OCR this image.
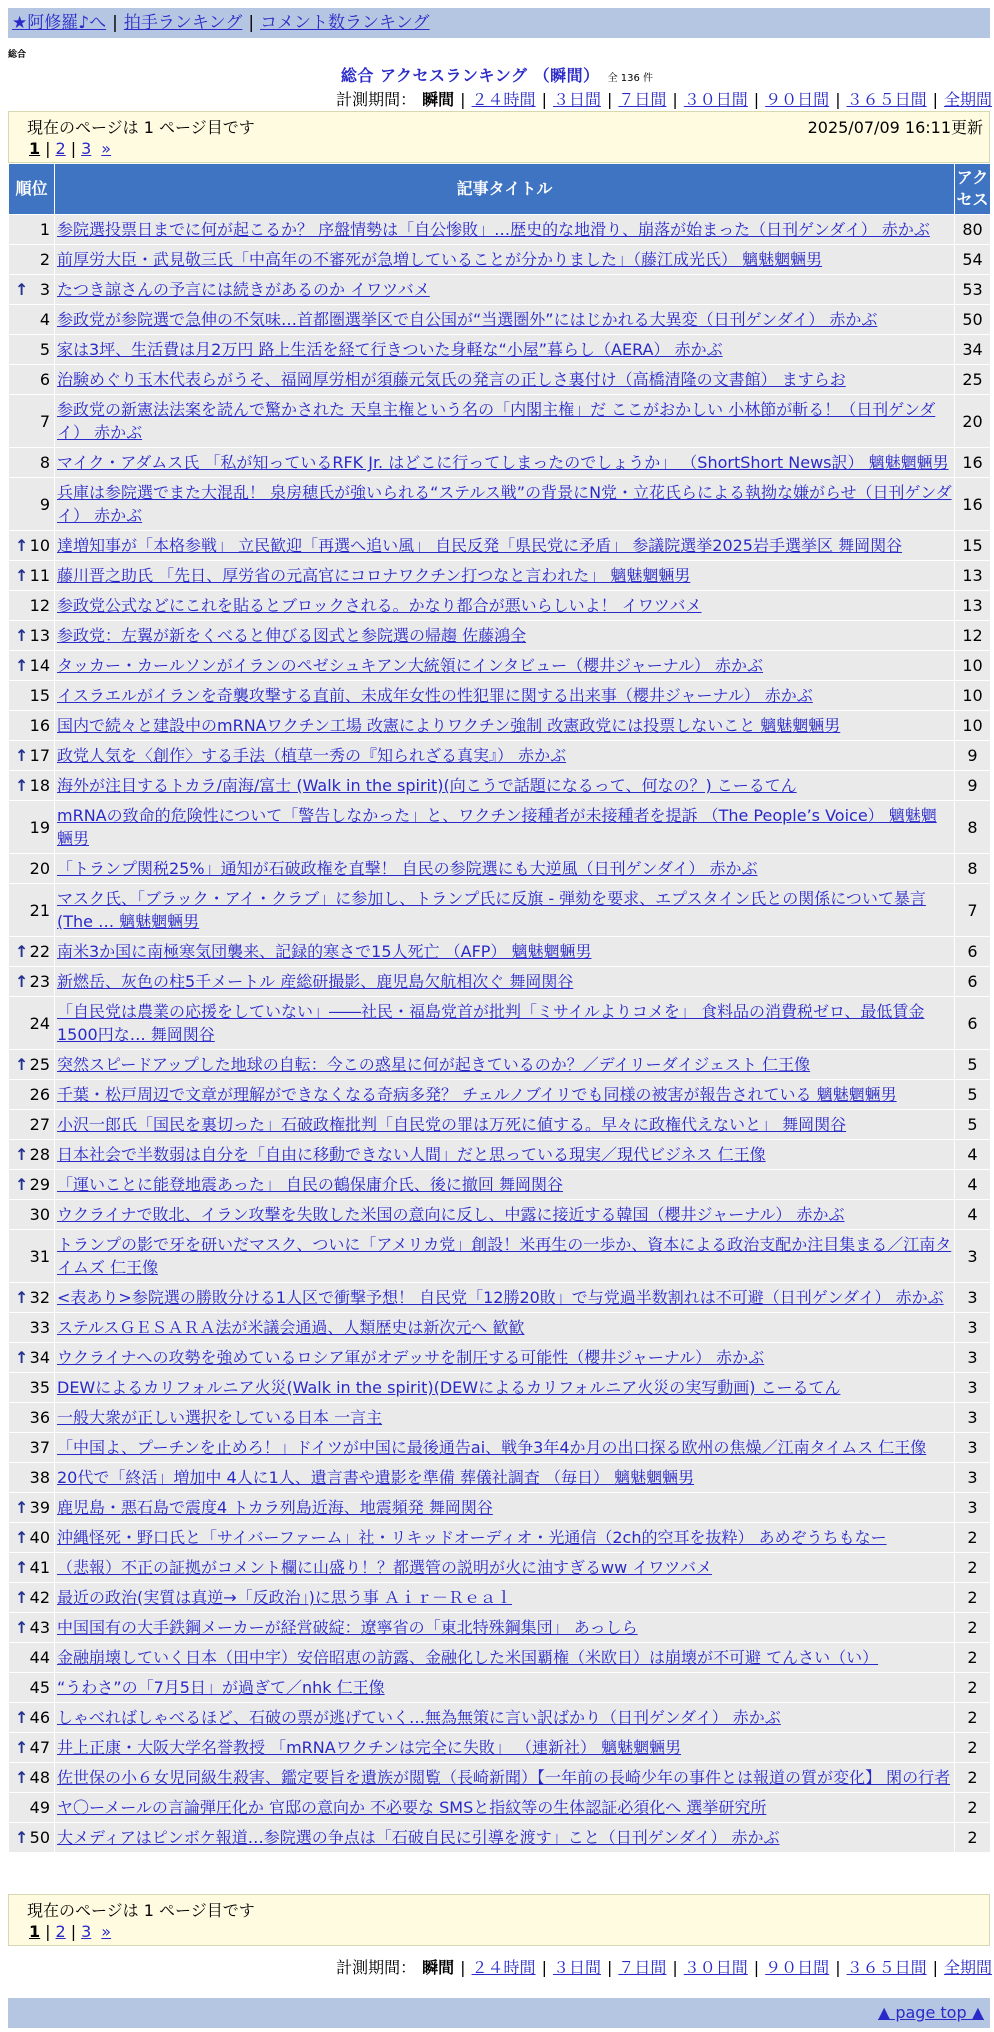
★阿修羅♪へ | 拍手ランキング | コメント数ランキング
総合
総合 アクセスランキング （瞬間） 全 136 件
計測期間： 瞬間 | ２４時間 | ３日間 | ７日間 | ３０日間 | ９０日間 | ３６５日間 | 全期間
現在のページは 1 ページ目です	2025/07/09 16:11更新
1 | 2 | 3 »
順位	記事タイトル	アクセス
1	参院選投票日までに何が起こるか？ 序盤情勢は「自公惨敗」…歴史的な地滑り、崩落が始まった（日刊ゲンダイ） 赤かぶ	80
2	前厚労大臣・武見敬三氏「中高年の不審死が急増していることが分かりました」（藤江成光氏） 魑魅魍魎男	54

↑ 3	たつき諒さんの予言には続きがあるのか イワツバメ	53
4	参政党が参院選で急伸の不気味…首都圏選挙区で自公国が“当選圏外”にはじかれる大異変（日刊ゲンダイ） 赤かぶ	50
5	家は3坪、生活費は月2万円 路上生活を経て行きついた身軽な“小屋”暮らし（AERA） 赤かぶ	34
6	治験めぐり玉木代表らがうそ、福岡厚労相が須藤元気氏の発言の正しさ裏付け（高橋清隆の文書館） ますらお	25
7	参政党の新憲法法案を読んで驚かされた 天皇主権という名の「内閣主権」だ ここがおかしい 小林節が斬る！（日刊ゲンダイ） 赤かぶ	20
8	マイク・アダムス氏 「私が知っているRFK Jr. はどこに行ってしまったのでしょうか」 （ShortShort News訳） 魑魅魍魎男	16
9	兵庫は参院選でまた大混乱！ 泉房穂氏が強いられる“ステルス戦”の背景にN党・立花氏らによる執拗な嫌がらせ（日刊ゲンダイ） 赤かぶ	16

↑ 10	達増知事が「本格参戦」 立民歓迎「再選へ追い風」 自民反発「県民党に矛盾」 参議院選挙2025岩手選挙区 舞岡関谷	15

↑ 11	藤川晋之助氏 「先日、厚労省の元高官にコロナワクチン打つなと言われた」 魑魅魍魎男	13
12	参政党公式などにこれを貼るとブロックされる。かなり都合が悪いらしいよ！ イワツバメ	13

↑ 13	参政党：左翼が新をくべると伸びる図式と参院選の帰趨 佐藤鴻全	12

↑ 14	タッカー・カールソンがイランのペゼシュキアン大統領にインタビュー（櫻井ジャーナル） 赤かぶ	10
15	イスラエルがイランを奇襲攻撃する直前、未成年女性の性犯罪に関する出来事（櫻井ジャーナル） 赤かぶ	10
16	国内で続々と建設中のmRNAワクチン工場 改憲によりワクチン強制 改憲政党には投票しないこと 魑魅魍魎男	10

↑ 17	政党人気を〈創作〉する手法（植草一秀の『知られざる真実』） 赤かぶ	9

↑ 18	海外が注目するトカラ/南海/富士 (Walk in the spirit)(向こうで話題になるって、何なの？) こーるてん	9
19	mRNAの致命的危険性について「警告しなかった」と、ワクチン接種者が未接種者を提訴 （The People’s Voice） 魑魅魍魎男	8
20	「トランプ関税25%」通知が石破政権を直撃！ 自民の参院選にも大逆風（日刊ゲンダイ） 赤かぶ	8
21	マスク氏、「ブラック・アイ・クラブ」に参加し、トランプ氏に反旗 - 弾劾を要求、エプスタイン氏との関係について暴言(The … 魑魅魍魎男	7

↑ 22	南米3か国に南極寒気団襲来、記録的寒さで15人死亡 （AFP） 魑魅魍魎男	6

↑ 23	新燃岳、灰色の柱5千メートル 産総研撮影、鹿児島欠航相次ぐ 舞岡関谷	6
24	「自民党は農業の応援をしていない」――社民・福島党首が批判「ミサイルよりコメを」 食料品の消費税ゼロ、最低賃金1500円な… 舞岡関谷	6

↑ 25	突然スピードアップした地球の自転：今この惑星に何が起きているのか？／デイリーダイジェスト 仁王像	5
26	千葉・松戸周辺で文章が理解ができなくなる奇病多発？ チェルノブイリでも同様の被害が報告されている 魑魅魍魎男	5
27	小沢一郎氏「国民を裏切った」石破政権批判「自民党の罪は万死に値する。早々に政権代えないと」 舞岡関谷	5

↑ 28	日本社会で半数弱は自分を「自由に移動できない人間」だと思っている現実／現代ビジネス 仁王像	4

↑ 29	「運いことに能登地震あった」 自民の鶴保庸介氏、後に撤回 舞岡関谷	4
30	ウクライナで敗北、イラン攻撃を失敗した米国の意向に反し、中露に接近する韓国（櫻井ジャーナル） 赤かぶ	4
31	トランプの影で牙を研いだマスク、ついに「アメリカ党」創設！米再生の一歩か、資本による政治支配か注目集まる／江南タイムズ 仁王像	3

↑ 32	<表あり>参院選の勝敗分ける1人区で衝撃予想！ 自民党「12勝20敗」で与党過半数割れは不可避（日刊ゲンダイ） 赤かぶ	3
33	ステルスＧＥＳＡＲＡ法が米議会通過、人類歴史は新次元へ 歓歓	3

↑ 34	ウクライナへの攻勢を強めているロシア軍がオデッサを制圧する可能性（櫻井ジャーナル） 赤かぶ	3
35	DEWによるカリフォルニア火災(Walk in the spirit)(DEWによるカリフォルニア火災の実写動画) こーるてん	3
36	一般大衆が正しい選択をしている日本 一言主	3
37	「中国よ、プーチンを止めろ！」ドイツが中国に最後通告ai、戦争3年4か月の出口探る欧州の焦燥／江南タイムス 仁王像	3
38	20代で「終活」増加中 4人に1人、遺言書や遺影を準備 葬儀社調査 （毎日） 魑魅魍魎男	3

↑ 39	鹿児島・悪石島で震度4 トカラ列島近海、地震頻発 舞岡関谷	3

↑ 40	沖縄怪死・野口氏と「サイバーファーム」社・リキッドオーディオ・光通信（2ch的空耳を抜粋） あめぞうちもなー	2

↑ 41	（悲報）不正の証拠がコメント欄に山盛り！？都選管の説明が火に油すぎるww イワツバメ	2

↑ 42	最近の政治(実質は真逆→「反政治」)に思う事 Ａｉｒ－Ｒｅａｌ	2

↑ 43	中国国有の大手鉄鋼メーカーが経営破綻：遼寧省の「東北特殊鋼集団」 あっしら	2
44	金融崩壊していく日本（田中宇）安倍昭恵の訪露、金融化した米国覇権（米欧日）は崩壊が不可避 てんさい（い）	2
45	“うわさ”の「7月5日」が過ぎて／nhk 仁王像	2

↑ 46	しゃべればしゃべるほど、石破の票が逃げていく…無為無策に言い訳ばかり（日刊ゲンダイ） 赤かぶ	2

↑ 47	井上正康・大阪大学名誉教授 「mRNAワクチンは完全に失敗」 （連新社） 魑魅魍魎男	2

↑ 48	佐世保の小６女児同級生殺害、鑑定要旨を遺族が閲覧（長崎新聞）【一年前の長崎少年の事件とは報道の質が変化】 閑の行者	2
49	ヤ〇ーメールの言論弾圧化か 官邸の意向か 不必要な SMSと指紋等の生体認証必須化へ 選挙研究所	2

↑ 50	大メディアはピンボケ報道…参院選の争点は「石破自民に引導を渡す」こと（日刊ゲンダイ） 赤かぶ	2
現在のページは 1 ページ目です
1 | 2 | 3 »
計測期間： 瞬間 | ２４時間 | ３日間 | ７日間 | ３０日間 | ９０日間 | ３６５日間 | 全期間
▲ page top ▲
